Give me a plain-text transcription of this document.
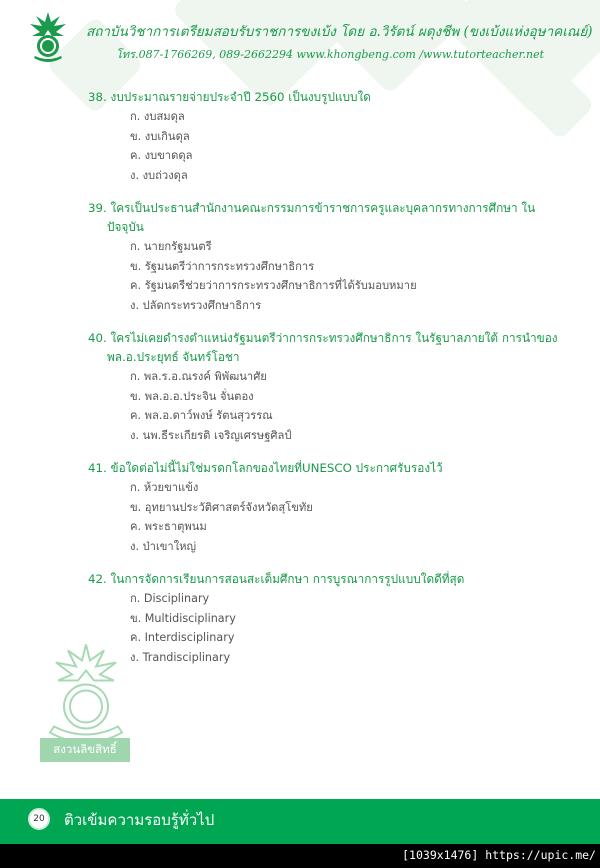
สถาบันวิชาการเตรียมสอบรับราชการขงเบ้ง โดย อ.วิรัตน์ ผดุงชีพ (ขงเบ้งแห่งอุษาคเณย์)
โทร.087-1766269, 089-2662294 www.khongbeng.com /www.tutorteacher.net
38. งบประมาณรายจ่ายประจำปี 2560 เป็นงบรูปแบบใด
ก. งบสมดุล
ข. งบเกินดุล
ค. งบขาดดุล
ง. งบถ่วงดุล
39. ใครเป็นประธานสำนักงานคณะกรรมการข้าราชการครูและบุคลากรทางการศึกษา ในปัจจุบัน
ก. นายกรัฐมนตรี
ข. รัฐมนตรีว่าการกระทรวงศึกษาธิการ
ค. รัฐมนตรีช่วยว่าการกระทรวงศึกษาธิการที่ได้รับมอบหมาย
ง. ปลัดกระทรวงศึกษาธิการ
40. ใครไม่เคยดำรงตำแหน่งรัฐมนตรีว่าการกระทรวงศึกษาธิการ ในรัฐบาลภายใต้ การนำของ พล.อ.ประยุทธ์ จันทร์โอชา
ก. พล.ร.อ.ณรงค์ พิพัฒนาศัย
ข. พล.อ.อ.ประจิน จั่นตอง
ค. พล.อ.ดาว์พงษ์ รัตนสุวรรณ
ง. นพ.ธีระเกียรติ เจริญเศรษฐศิลป์
41. ข้อใดต่อไม่นี้ไม่ใช่มรดกโลกของไทยที่UNESCO ประกาศรับรองไว้
ก. ห้วยขาแข้ง
ข. อุทยานประวัติศาสตร์จังหวัดสุโขทัย
ค. พระธาตุพนม
ง. ป่าเขาใหญ่
42. ในการจัดการเรียนการสอนสะเต็มศึกษา การบูรณาการรูปแบบใดดีที่สุด
ก. Disciplinary
ข. Multidisciplinary
ค. Interdisciplinary
ง. Trandisciplinary
สงวนลิขสิทธิ์
20	ติวเข้มความรอบรู้ทั่วไป
[1039x1476] https://upic.me/
